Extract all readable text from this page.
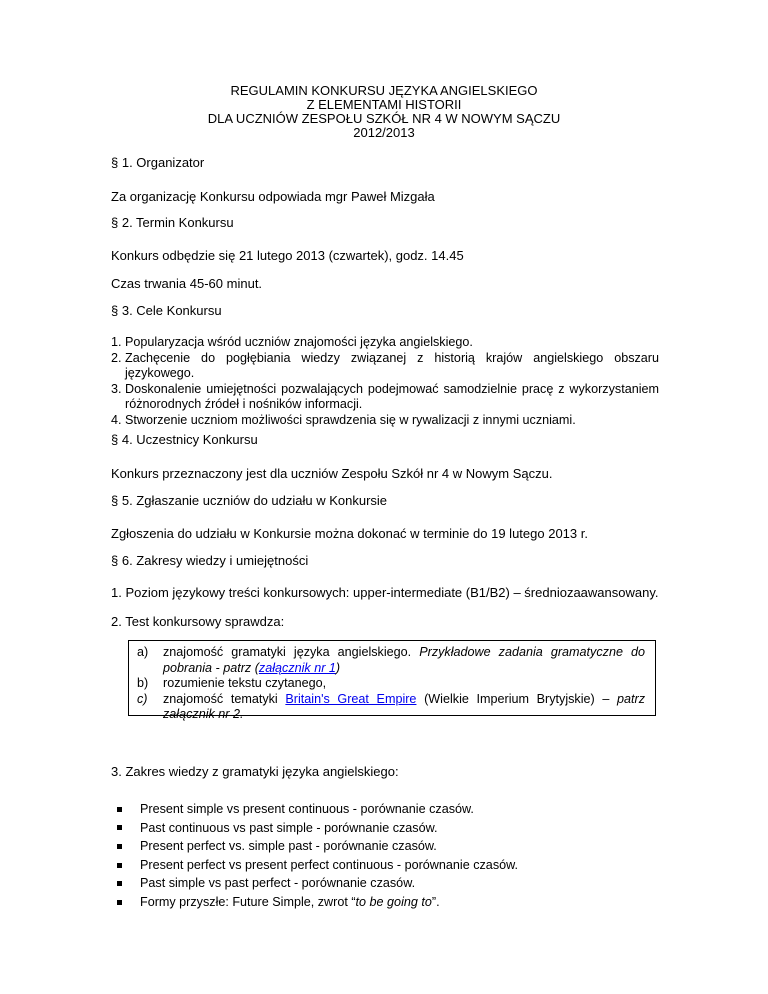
REGULAMIN KONKURSU JĘZYKA ANGIELSKIEGO
Z ELEMENTAMI HISTORII
DLA UCZNIÓW ZESPOŁU SZKÓŁ NR 4 W NOWYM SĄCZU
2012/2013
§ 1. Organizator
Za organizację Konkursu odpowiada mgr Paweł Mizgała
§ 2. Termin Konkursu
Konkurs odbędzie się 21 lutego 2013 (czwartek), godz. 14.45
Czas trwania 45-60 minut.
§ 3. Cele Konkursu
1. Popularyzacja wśród uczniów znajomości języka angielskiego.
2. Zachęcenie do pogłębiania wiedzy związanej z historią krajów angielskiego obszaru językowego.
3. Doskonalenie umiejętności pozwalających podejmować samodzielnie pracę z wykorzystaniem różnorodnych źródeł i nośników informacji.
4. Stworzenie uczniom możliwości sprawdzenia się w rywalizacji z innymi uczniami.
§ 4. Uczestnicy Konkursu
Konkurs przeznaczony jest dla uczniów Zespołu Szkół nr 4 w Nowym Sączu.
§ 5. Zgłaszanie uczniów do udziału w Konkursie
Zgłoszenia do udziału w Konkursie można dokonać w terminie do 19 lutego 2013 r.
§ 6. Zakresy wiedzy i umiejętności
1. Poziom językowy treści konkursowych: upper-intermediate (B1/B2) – średniozaawansowany.
2. Test konkursowy sprawdza:
a)	znajomość gramatyki języka angielskiego. Przykładowe zadania gramatyczne do pobrania - patrz (załącznik nr 1)
b)	rozumienie tekstu czytanego,
c)	znajomość tematyki Britain's Great Empire (Wielkie Imperium Brytyjskie) – patrz załącznik nr 2.
3. Zakres wiedzy z gramatyki języka angielskiego:
Present simple vs present continuous - porównanie czasów.
Past continuous vs past simple - porównanie czasów.
Present perfect vs. simple past - porównanie czasów.
Present perfect vs present perfect continuous - porównanie czasów.
Past simple vs past perfect - porównanie czasów.
Formy przyszłe: Future Simple, zwrot “to be going to”.
